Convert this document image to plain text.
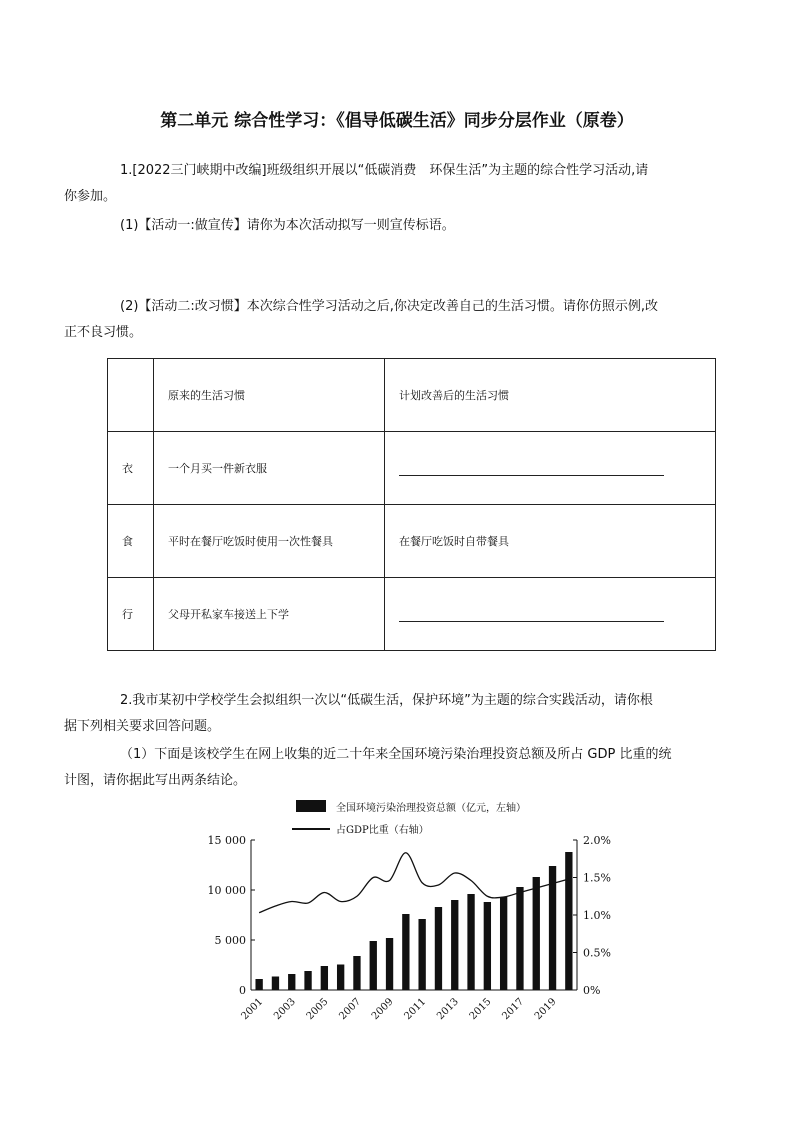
第二单元 综合性学习：《倡导低碳生活》同步分层作业（原卷）
1.[2022三门峡期中改编]班级组织开展以“低碳消费　环保生活”为主题的综合性学习活动,请
你参加。
(1)【活动一:做宣传】请你为本次活动拟写一则宣传标语。
(2)【活动二:改习惯】本次综合性学习活动之后,你决定改善自己的生活习惯。请你仿照示例,改
正不良习惯。
	原来的生活习惯	计划改善后的生活习惯
衣	一个月买一件新衣服	
食	平时在餐厅吃饭时使用一次性餐具	在餐厅吃饭时自带餐具
行	父母开私家车接送上下学	
2.我市某初中学校学生会拟组织一次以“低碳生活，保护环境”为主题的综合实践活动，请你根
据下列相关要求回答问题。
（1）下面是该校学生在网上收集的近二十年来全国环境污染治理投资总额及所占 GDP 比重的统
计图，请你据此写出两条结论。
全国环境污染治理投资总额（亿元，左轴）
占GDP比重（右轴）
0
5 000
10 000
15 000
0%
0.5%
1.0%
1.5%
2.0%
2001 2003 2005 2007 2009 2011 2013 2015 2017 2019
